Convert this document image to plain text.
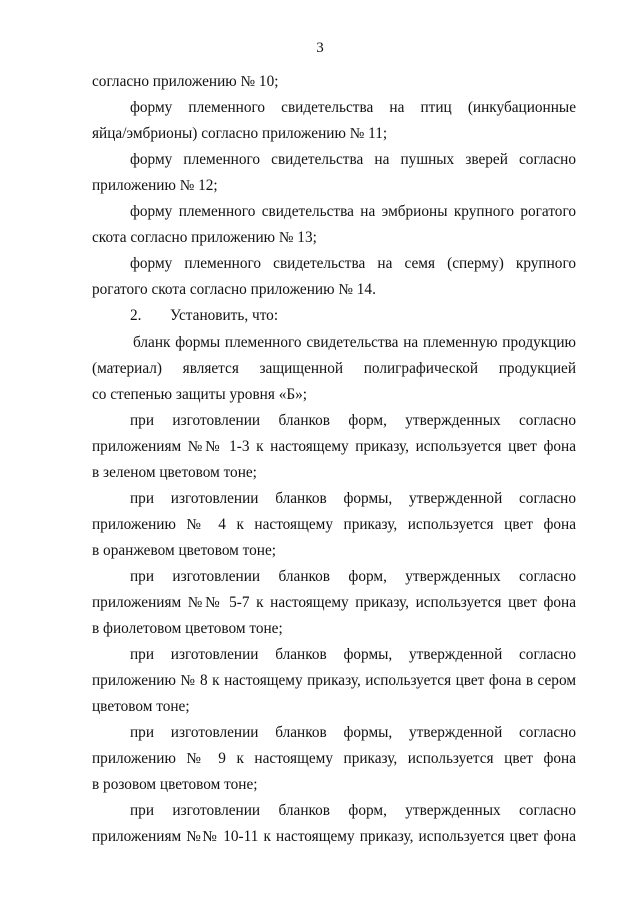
3
согласно приложению № 10;
форму племенного свидетельства на птиц (инкубационные
яйца/эмбрионы) согласно приложению № 11;
форму племенного свидетельства на пушных зверей согласно
приложению № 12;
форму племенного свидетельства на эмбрионы крупного рогатого
скота согласно приложению № 13;
форму племенного свидетельства на семя (сперму) крупного
рогатого скота согласно приложению № 14.
2. Установить, что:
бланк формы племенного свидетельства на племенную продукцию
(материал) является защищенной полиграфической продукцией
со степенью защиты уровня «Б»;
при изготовлении бланков форм, утвержденных согласно
приложениям №№ 1-3 к настоящему приказу, используется цвет фона
в зеленом цветовом тоне;
при изготовлении бланков формы, утвержденной согласно
приложению № 4 к настоящему приказу, используется цвет фона
в оранжевом цветовом тоне;
при изготовлении бланков форм, утвержденных согласно
приложениям №№ 5-7 к настоящему приказу, используется цвет фона
в фиолетовом цветовом тоне;
при изготовлении бланков формы, утвержденной согласно
приложению № 8 к настоящему приказу, используется цвет фона в сером
цветовом тоне;
при изготовлении бланков формы, утвержденной согласно
приложению № 9 к настоящему приказу, используется цвет фона
в розовом цветовом тоне;
при изготовлении бланков форм, утвержденных согласно
приложениям №№ 10-11 к настоящему приказу, используется цвет фона
